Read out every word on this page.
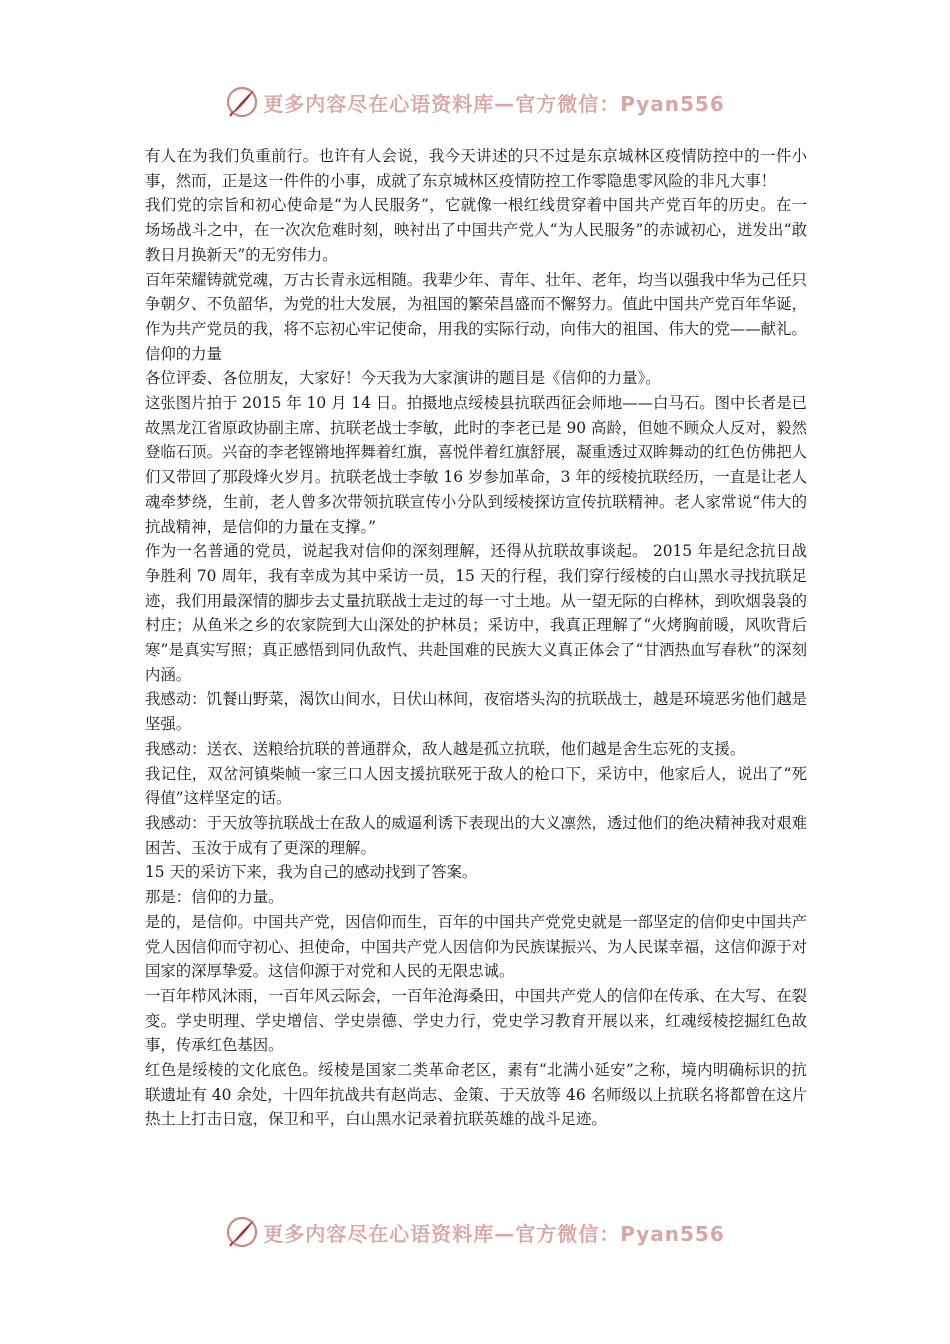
更多内容尽在心语资料库—官方微信：Pyan556

有人在为我们负重前行。也许有人会说，我今天讲述的只不过是东京城林区疫情防控中的一件小事，然而，正是这一件件的小事，成就了东京城林区疫情防控工作零隐患零风险的非凡大事！

我们党的宗旨和初心使命是“为人民服务”，它就像一根红线贯穿着中国共产党百年的历史。在一场场战斗之中，在一次次危难时刻，映衬出了中国共产党人“为人民服务”的赤诚初心，迸发出“敢教日月换新天”的无穷伟力。

百年荣耀铸就党魂，万古长青永远相随。我辈少年、青年、壮年、老年，均当以强我中华为己任只争朝夕、不负韶华，为党的壮大发展，为祖国的繁荣昌盛而不懈努力。值此中国共产党百年华诞，作为共产党员的我，将不忘初心牢记使命，用我的实际行动，向伟大的祖国、伟大的党——献礼。

信仰的力量

各位评委、各位朋友，大家好！今天我为大家演讲的题目是《信仰的力量》。

这张图片拍于 2015 年 10 月 14 日。拍摄地点绥棱县抗联西征会师地——白马石。图中长者是已故黑龙江省原政协副主席、抗联老战士李敏，此时的李老已是 90 高龄，但她不顾众人反对，毅然登临石顶。兴奋的李老铿锵地挥舞着红旗，喜悦伴着红旗舒展，凝重透过双眸舞动的红色仿佛把人们又带回了那段烽火岁月。抗联老战士李敏 16 岁参加革命，3 年的绥棱抗联经历，一直是让老人魂牵梦绕，生前，老人曾多次带领抗联宣传小分队到绥棱探访宣传抗联精神。老人家常说“伟大的抗战精神，是信仰的力量在支撑。”

作为一名普通的党员，说起我对信仰的深刻理解，还得从抗联故事谈起。 2015 年是纪念抗日战争胜利 70 周年，我有幸成为其中采访一员，15 天的行程，我们穿行绥棱的白山黑水寻找抗联足迹，我们用最深情的脚步去丈量抗联战士走过的每一寸土地。从一望无际的白桦林，到吹烟袅袅的村庄；从鱼米之乡的农家院到大山深处的护林员；采访中，我真正理解了“火烤胸前暖，风吹背后寒”是真实写照；真正感悟到同仇敌忾、共赴国难的民族大义真正体会了“甘洒热血写春秋”的深刻内涵。

我感动：饥餐山野菜，渴饮山间水，日伏山林间，夜宿塔头沟的抗联战士，越是环境恶劣他们越是坚强。

我感动：送衣、送粮给抗联的普通群众，敌人越是孤立抗联，他们越是舍生忘死的支援。

我记住，双岔河镇柴帧一家三口人因支援抗联死于敌人的枪口下，采访中，他家后人，说出了“死得值”这样坚定的话。

我感动：于天放等抗联战士在敌人的威逼利诱下表现出的大义凛然，透过他们的绝决精神我对艰难困苦、玉汝于成有了更深的理解。

15 天的采访下来，我为自己的感动找到了答案。

那是：信仰的力量。

是的，是信仰。中国共产党，因信仰而生，百年的中国共产党党史就是一部坚定的信仰史中国共产党人因信仰而守初心、担使命，中国共产党人因信仰为民族谋振兴、为人民谋幸福，这信仰源于对国家的深厚挚爱。这信仰源于对党和人民的无限忠诚。

一百年栉风沐雨，一百年风云际会，一百年沧海桑田，中国共产党人的信仰在传承、在大写、在裂变。学史明理、学史增信、学史崇德、学史力行，党史学习教育开展以来，红魂绥棱挖掘红色故事，传承红色基因。

红色是绥棱的文化底色。绥棱是国家二类革命老区，素有“北满小延安”之称，境内明确标识的抗联遗址有 40 余处，十四年抗战共有赵尚志、金策、于天放等 46 名师级以上抗联名将都曾在这片热土上打击日寇，保卫和平，白山黑水记录着抗联英雄的战斗足迹。

更多内容尽在心语资料库—官方微信：Pyan556
